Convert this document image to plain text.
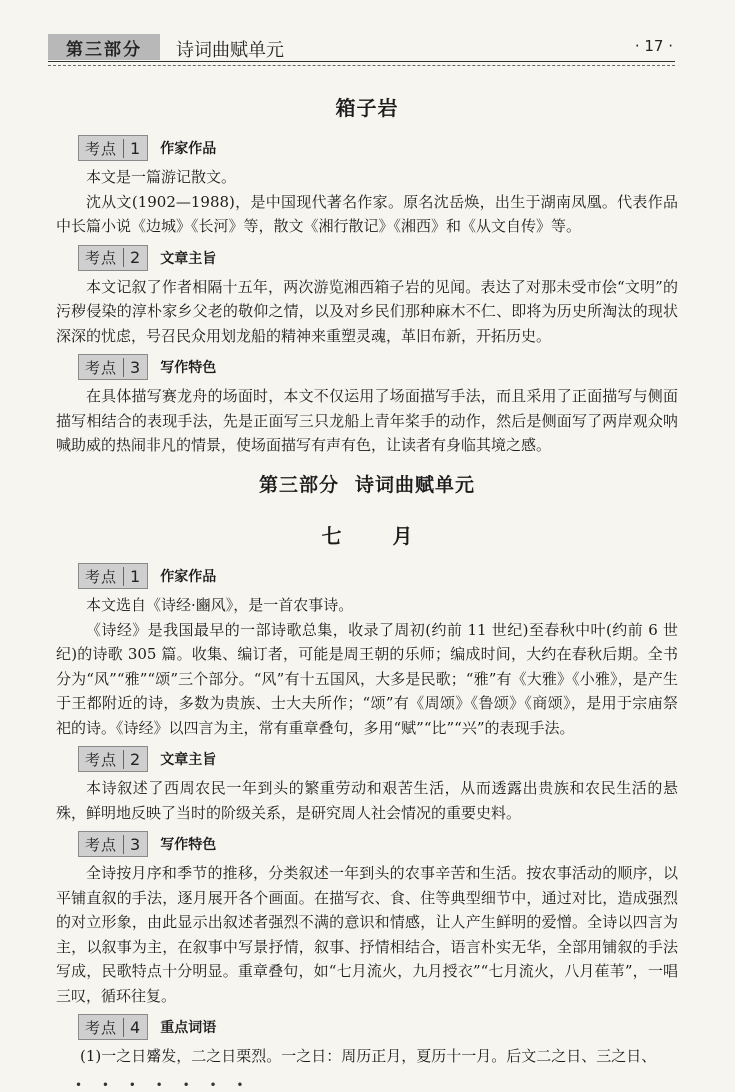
第三部分	诗词曲赋单元	· 17 ·
箱子岩
考点 1 作家作品

本文是一篇游记散文。

沈从文(1902—1988)，是中国现代著名作家。原名沈岳焕，出生于湖南凤凰。代表作品中长篇小说《边城》《长河》等，散文《湘行散记》《湘西》和《从文自传》等。

考点 2 文章主旨

本文记叙了作者相隔十五年，两次游览湘西箱子岩的见闻。表达了对那未受市侩“文明”的污秽侵染的淳朴家乡父老的敬仰之情，以及对乡民们那种麻木不仁、即将为历史所淘汰的现状深深的忧虑，号召民众用划龙船的精神来重塑灵魂，革旧布新，开拓历史。

考点 3 写作特色

在具体描写赛龙舟的场面时，本文不仅运用了场面描写手法，而且采用了正面描写与侧面描写相结合的表现手法，先是正面写三只龙船上青年桨手的动作，然后是侧面写了两岸观众呐喊助威的热闹非凡的情景，使场面描写有声有色，让读者有身临其境之感。

第三部分 诗词曲赋单元
七 月
考点 1 作家作品

本文选自《诗经·豳风》，是一首农事诗。

《诗经》是我国最早的一部诗歌总集，收录了周初(约前 11 世纪)至春秋中叶(约前 6 世纪)的诗歌 305 篇。收集、编订者，可能是周王朝的乐师；编成时间，大约在春秋后期。全书分为“风”“雅”“颂”三个部分。“风”有十五国风，大多是民歌；“雅”有《大雅》《小雅》，是产生于王都附近的诗，多数为贵族、士大夫所作；“颂”有《周颂》《鲁颂》《商颂》，是用于宗庙祭祀的诗。《诗经》以四言为主，常有重章叠句，多用“赋”“比”“兴”的表现手法。

考点 2 文章主旨

本诗叙述了西周农民一年到头的繁重劳动和艰苦生活，从而透露出贵族和农民生活的悬殊，鲜明地反映了当时的阶级关系，是研究周人社会情况的重要史料。

考点 3 写作特色

全诗按月序和季节的推移，分类叙述一年到头的农事辛苦和生活。按农事活动的顺序，以平铺直叙的手法，逐月展开各个画面。在描写衣、食、住等典型细节中，通过对比，造成强烈的对立形象，由此显示出叙述者强烈不满的意识和情感，让人产生鲜明的爱憎。全诗以四言为主，以叙事为主，在叙事中写景抒情，叙事、抒情相结合，语言朴实无华，全部用铺叙的手法写成，民歌特点十分明显。重章叠句，如“七月流火，九月授衣”“七月流火，八月萑苇”，一唱三叹，循环往复。

考点 4 重点词语

(1)一之日觱发，二之日栗烈。一之日：周历正月，夏历十一月。后文二之日、三之日、

• • • • • • •
